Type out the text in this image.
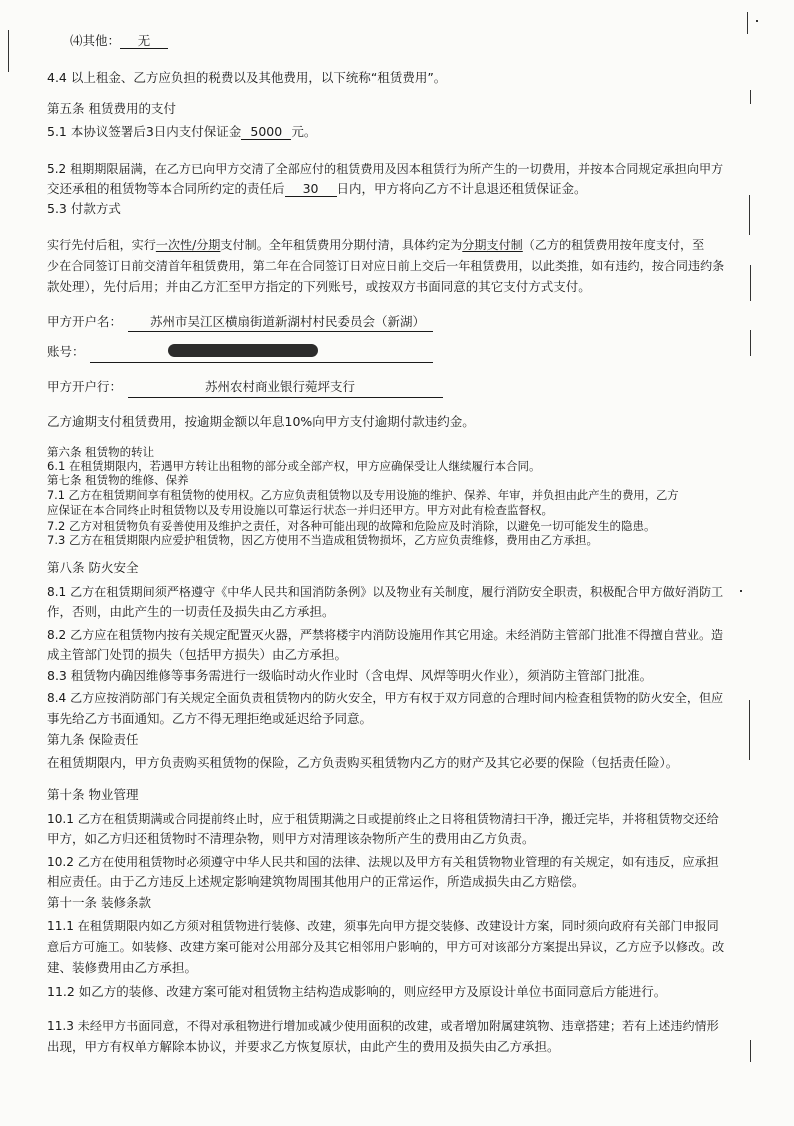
⑷其他： 无
4.4 以上租金、乙方应负担的税费以及其他费用，以下统称“租赁费用”。
第五条 租赁费用的支付
5.1 本协议签署后3日内支付保证金 5000 元。
5.2 租期期限届满，在乙方已向甲方交清了全部应付的租赁费用及因本租赁行为所产生的一切费用，并按本合同规定承担向甲方
交还承租的租赁物等本合同所约定的责任后 30 日内，甲方将向乙方不计息退还租赁保证金。
5.3 付款方式
实行先付后租，实行一次性/分期支付制。全年租赁费用分期付清，具体约定为分期支付制（乙方的租赁费用按年度支付，至
少在合同签订日前交清首年租赁费用，第二年在合同签订日对应日前上交后一年租赁费用，以此类推，如有违约，按合同违约条
款处理），先付后用；并由乙方汇至甲方指定的下列账号，或按双方书面同意的其它支付方式支付。
甲方开户名： 苏州市吴江区横扇街道新湖村村民委员会（新湖）
账号：
甲方开户行：	苏州农村商业银行菀坪支行
乙方逾期支付租赁费用，按逾期金额以年息10%向甲方支付逾期付款违约金。
第六条 租赁物的转让
6.1 在租赁期限内，若遇甲方转让出租物的部分或全部产权，甲方应确保受让人继续履行本合同。
第七条 租赁物的维修、保养
7.1 乙方在租赁期间享有租赁物的使用权。乙方应负责租赁物以及专用设施的维护、保养、年审，并负担由此产生的费用，乙方
应保证在本合同终止时租赁物以及专用设施以可靠运行状态一并归还甲方。甲方对此有检查监督权。
7.2 乙方对租赁物负有妥善使用及维护之责任，对各种可能出现的故障和危险应及时消除，以避免一切可能发生的隐患。
7.3 乙方在租赁期限内应爱护租赁物，因乙方使用不当造成租赁物损坏，乙方应负责维修，费用由乙方承担。
第八条 防火安全
8.1 乙方在租赁期间须严格遵守《中华人民共和国消防条例》以及物业有关制度，履行消防安全职责，积极配合甲方做好消防工
作，否则，由此产生的一切责任及损失由乙方承担。
8.2 乙方应在租赁物内按有关规定配置灭火器，严禁将楼宇内消防设施用作其它用途。未经消防主管部门批准不得擅自营业。造
成主管部门处罚的损失（包括甲方损失）由乙方承担。
8.3 租赁物内确因维修等事务需进行一级临时动火作业时（含电焊、风焊等明火作业），须消防主管部门批准。
8.4 乙方应按消防部门有关规定全面负责租赁物内的防火安全，甲方有权于双方同意的合理时间内检查租赁物的防火安全，但应
事先给乙方书面通知。乙方不得无理拒绝或延迟给予同意。
第九条 保险责任
在租赁期限内，甲方负责购买租赁物的保险，乙方负责购买租赁物内乙方的财产及其它必要的保险（包括责任险）。
第十条 物业管理
10.1 乙方在租赁期满或合同提前终止时，应于租赁期满之日或提前终止之日将租赁物清扫干净，搬迁完毕，并将租赁物交还给
甲方，如乙方归还租赁物时不清理杂物，则甲方对清理该杂物所产生的费用由乙方负责。
10.2 乙方在使用租赁物时必须遵守中华人民共和国的法律、法规以及甲方有关租赁物物业管理的有关规定，如有违反，应承担
相应责任。由于乙方违反上述规定影响建筑物周围其他用户的正常运作，所造成损失由乙方赔偿。
第十一条 装修条款
11.1 在租赁期限内如乙方须对租赁物进行装修、改建，须事先向甲方提交装修、改建设计方案，同时须向政府有关部门申报同
意后方可施工。如装修、改建方案可能对公用部分及其它相邻用户影响的，甲方可对该部分方案提出异议，乙方应予以修改。改
建、装修费用由乙方承担。
11.2 如乙方的装修、改建方案可能对租赁物主结构造成影响的，则应经甲方及原设计单位书面同意后方能进行。
11.3 未经甲方书面同意，不得对承租物进行增加或减少使用面积的改建，或者增加附属建筑物、违章搭建；若有上述违约情形
出现，甲方有权单方解除本协议，并要求乙方恢复原状，由此产生的费用及损失由乙方承担。
